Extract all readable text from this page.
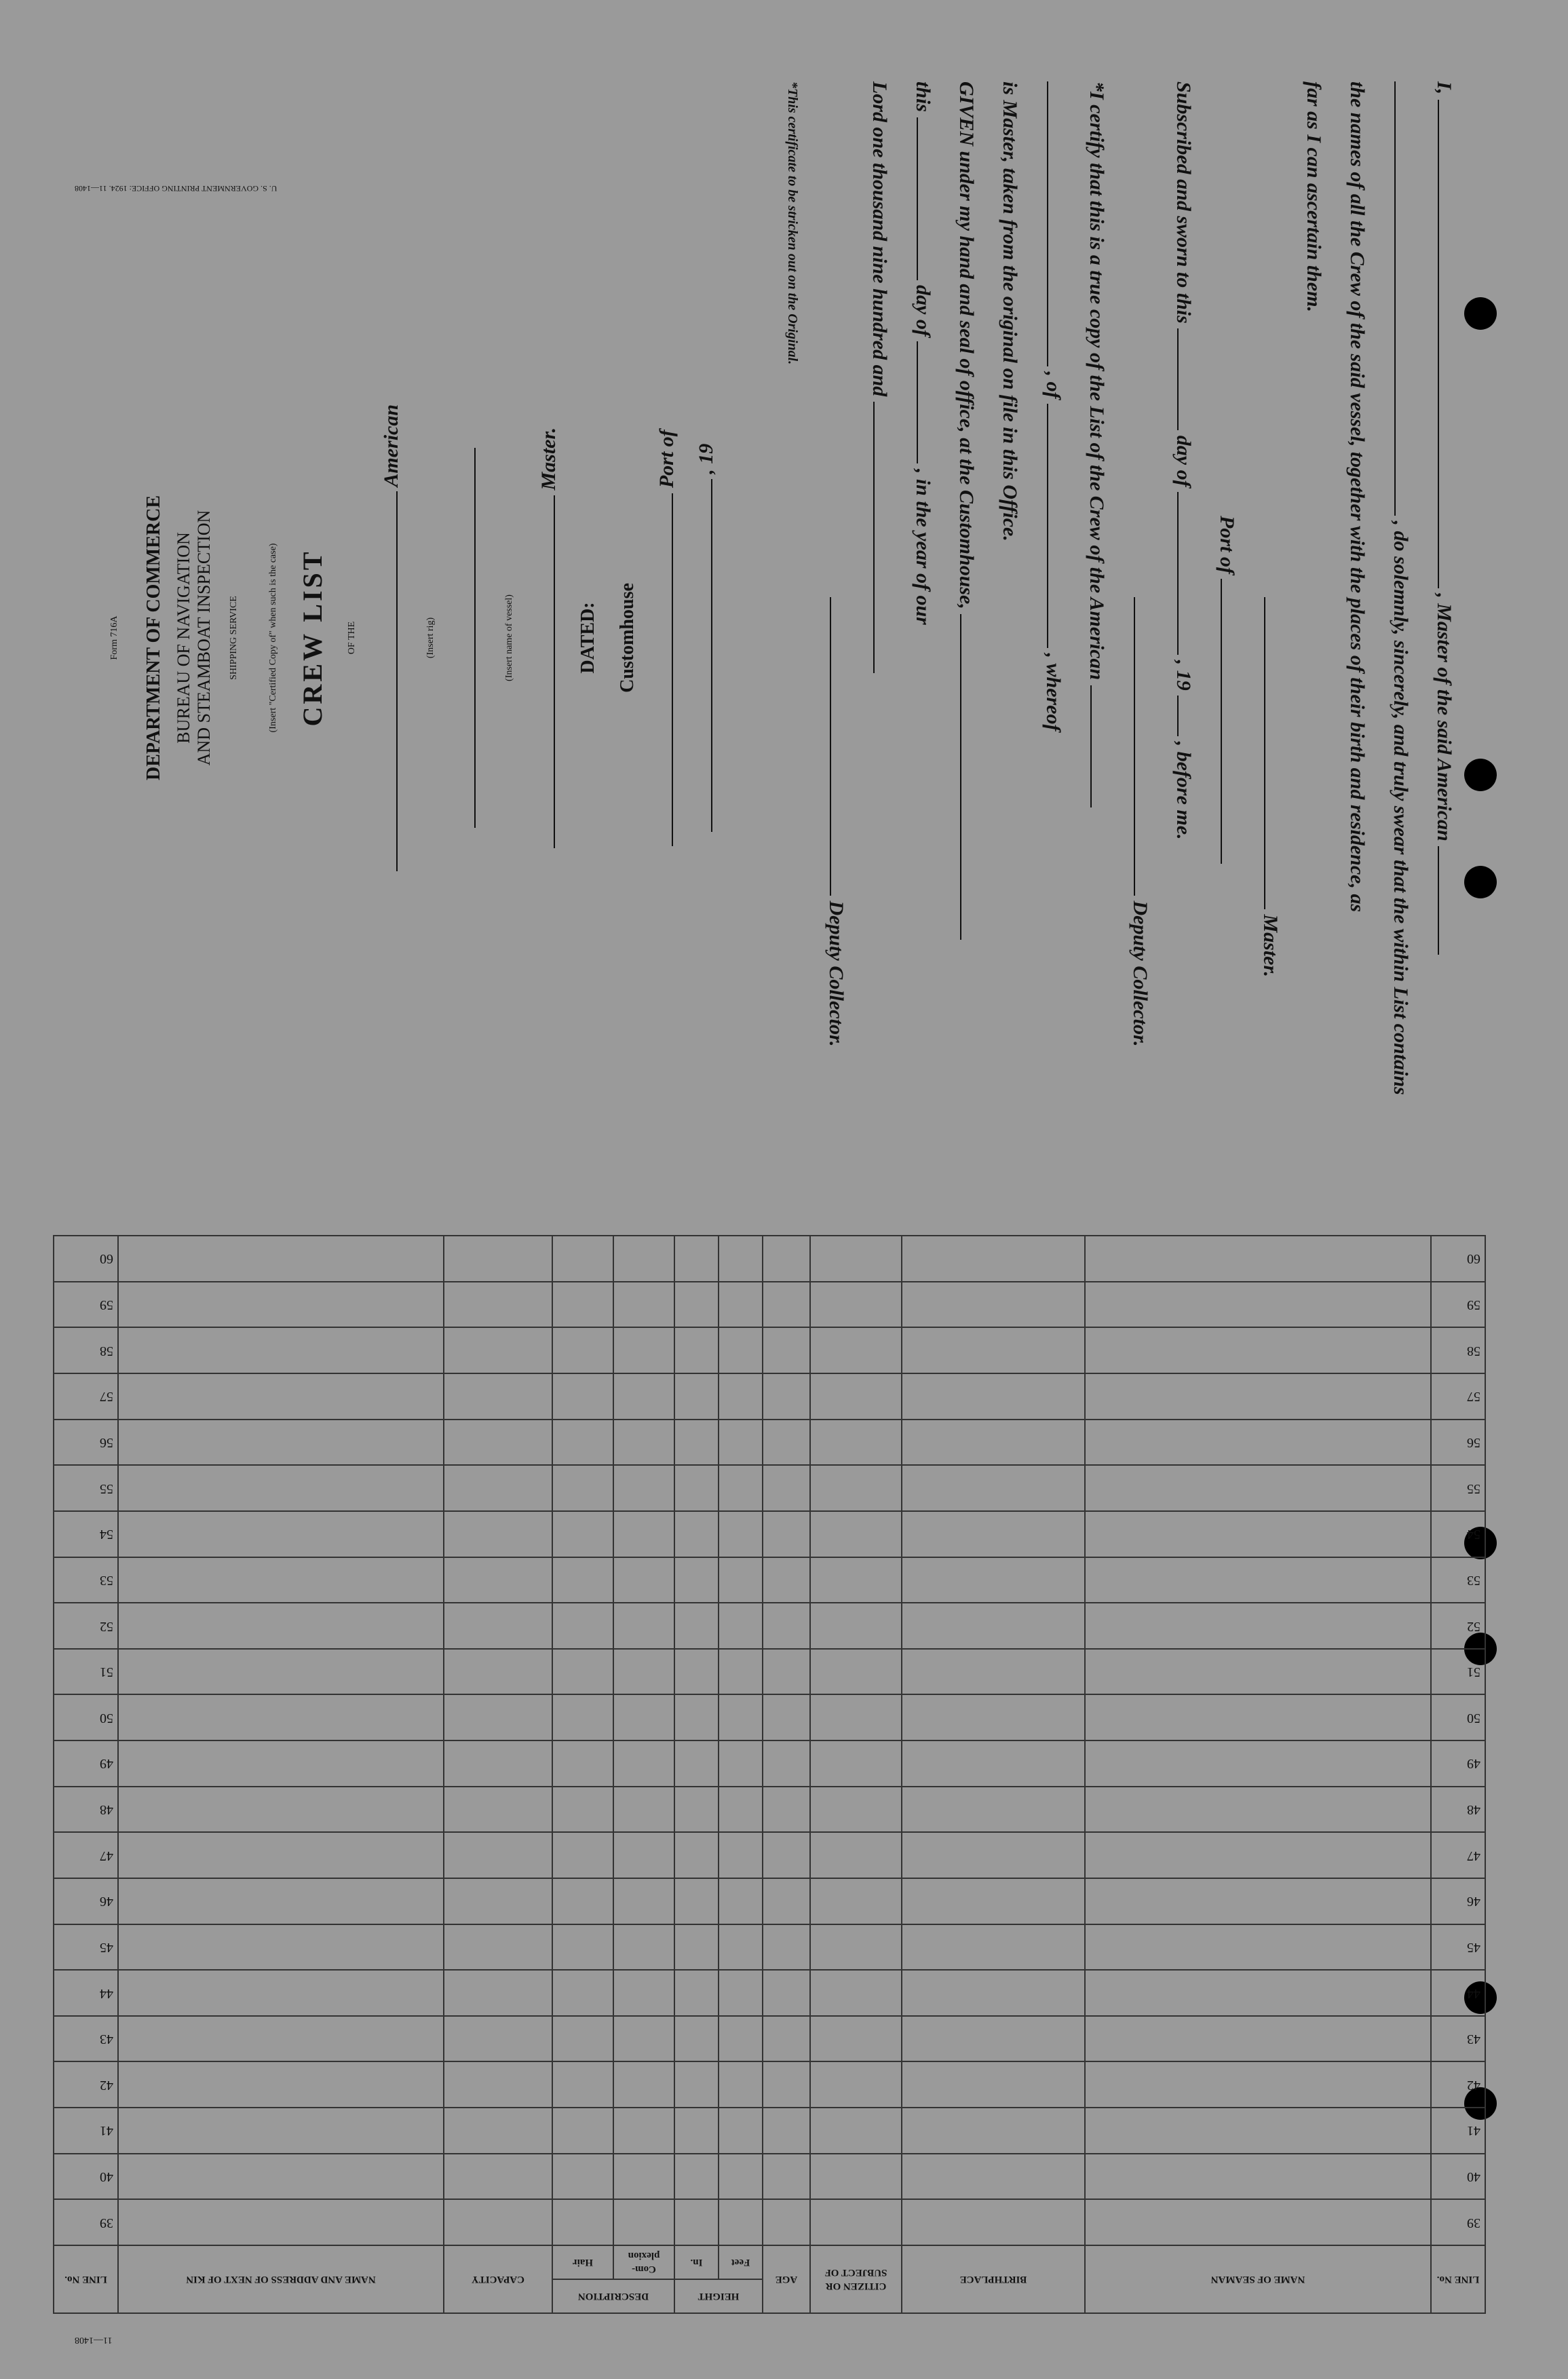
I,  , Master of the said American
, do solemnly, sincerely, and truly swear that the within List contains
the names of all the Crew of the said vessel, together with the places of their birth and residence, as
far as I can ascertain them.
Master.
Port of
Subscribed and sworn to this  day of  , 19  , before me.
Deputy Collector.
*I certify that this is a true copy of the List of the Crew of the American
, of  , whereof
is Master, taken from the original on file in this Office.
GIVEN under my hand and seal of office, at the Customhouse,
this  day of  , in the year of our
Lord one thousand nine hundred and
Deputy Collector.
*This certificate to be stricken out on the Original.
Form 716A	DEPARTMENT OF COMMERCE BUREAU OF NAVIGATION AND STEAMBOAT INSPECTION	SHIPPING SERVICE	(Insert "Certified Copy of" when such is the case) CREW LIST	OF THE
American
(Insert rig)	(Insert name of vessel)
Master.
DATED: Customhouse
Port of , 19
U. S. GOVERNMENT PRINTING OFFICE: 1924. 11—1408
LINE No.	NAME OF SEAMAN	BIRTHPLACE	CITIZEN OR SUBJECT OF	AGE	HEIGHT		DESCRIPTION		CAPACITY	NAME AND ADDRESS OF NEXT OF KIN	LINE No.
					Feet	In.	Com-plexion	Hair			
39											39
40											40
41											41
42											42
43											43
44											44
45											45
46											46
47											47
48											48
49											49
50											50
51											51
52											52
53											53
54											54
55											55
56											56
57											57
58											58
59											59
60											60
11—1408
